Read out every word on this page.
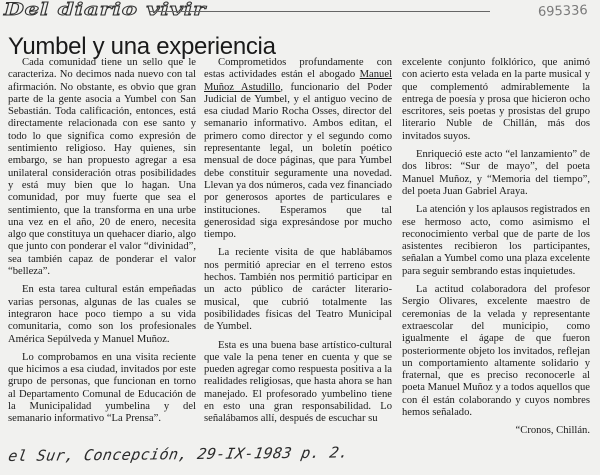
Del diario vivir	695336
Yumbel y una experiencia

Cada comunidad tiene un sello que le caracteriza. No decimos nada nuevo con tal afirmación. No obstante, es obvio que gran parte de la gente asocia a Yumbel con San Sebastián. Toda calificación, entonces, está directamente relacionada con ese santo y todo lo que significa como expresión de sentimiento religioso. Hay quienes, sin embargo, se han propuesto agregar a esa unilateral consideración otras posibilidades y está muy bien que lo hagan. Una comunidad, por muy fuerte que sea el sentimiento, que la transforma en una urbe una vez en el año, 20 de enero, necesita algo que constituya un quehacer diario, algo que junto con ponderar el valor “divinidad”, sea también capaz de ponderar el valor “belleza”.

En esta tarea cultural están empeñadas varias personas, algunas de las cuales se integraron hace poco tiempo a su vida comunitaria, como son los profesionales América Sepúlveda y Manuel Muñoz.

Lo comprobamos en una visita reciente que hicimos a esa ciudad, invitados por este grupo de personas, que funcionan en torno al Departamento Comunal de Educación de la Municipalidad yumbelina y del semanario informativo “La Prensa”.

Comprometidos profundamente con estas actividades están el abogado Manuel Muñoz Astudillo, funcionario del Poder Judicial de Yumbel, y el antiguo vecino de esa ciudad Mario Rocha Osses, director del semanario informativo. Ambos editan, el primero como director y el segundo como representante legal, un boletín poético mensual de doce páginas, que para Yumbel debe constituir seguramente una novedad. Llevan ya dos números, cada vez financiado por generosos aportes de particulares e instituciones. Esperamos que tal generosidad siga expresándose por mucho tiempo.

La reciente visita de que hablábamos nos permitió apreciar en el terreno estos hechos. También nos permitió participar en un acto público de carácter literario-musical, que cubrió totalmente las posibilidades físicas del Teatro Municipal de Yumbel.

Esta es una buena base artístico-cultural que vale la pena tener en cuenta y que se pueden agregar como respuesta positiva a la realidades religiosas, que hasta ahora se han manejado. El profesorado yumbelino tiene en esto una gran responsabilidad. Lo señalábamos allí, después de escuchar su

excelente conjunto folklórico, que animó con acierto esta velada en la parte musical y que complementó admirablemente la entrega de poesía y prosa que hicieron ocho escritores, seis poetas y prosistas del grupo literario Nuble de Chillán, más dos invitados suyos.

Enriqueció este acto “el lanzamiento” de dos libros: “Sur de mayo”, del poeta Manuel Muñoz, y “Memoria del tiempo”, del poeta Juan Gabriel Araya.

La atención y los aplausos registrados en ese hermoso acto, como asimismo el reconocimiento verbal que de parte de los asistentes recibieron los participantes, señalan a Yumbel como una plaza excelente para seguir sembrando estas inquietudes.

La actitud colaboradora del profesor Sergio Olivares, excelente maestro de ceremonias de la velada y representante extraescolar del municipio, como igualmente el ágape de que fueron posteriormente objeto los invitados, reflejan un comportamiento altamente solidario y fraternal, que es preciso reconocerle al poeta Manuel Muñoz y a todos aquellos que con él están colaborando y cuyos nombres hemos señalado.

“Cronos, Chillán.

el Sur, Concepción, 29-IX-1983 p. 2.
